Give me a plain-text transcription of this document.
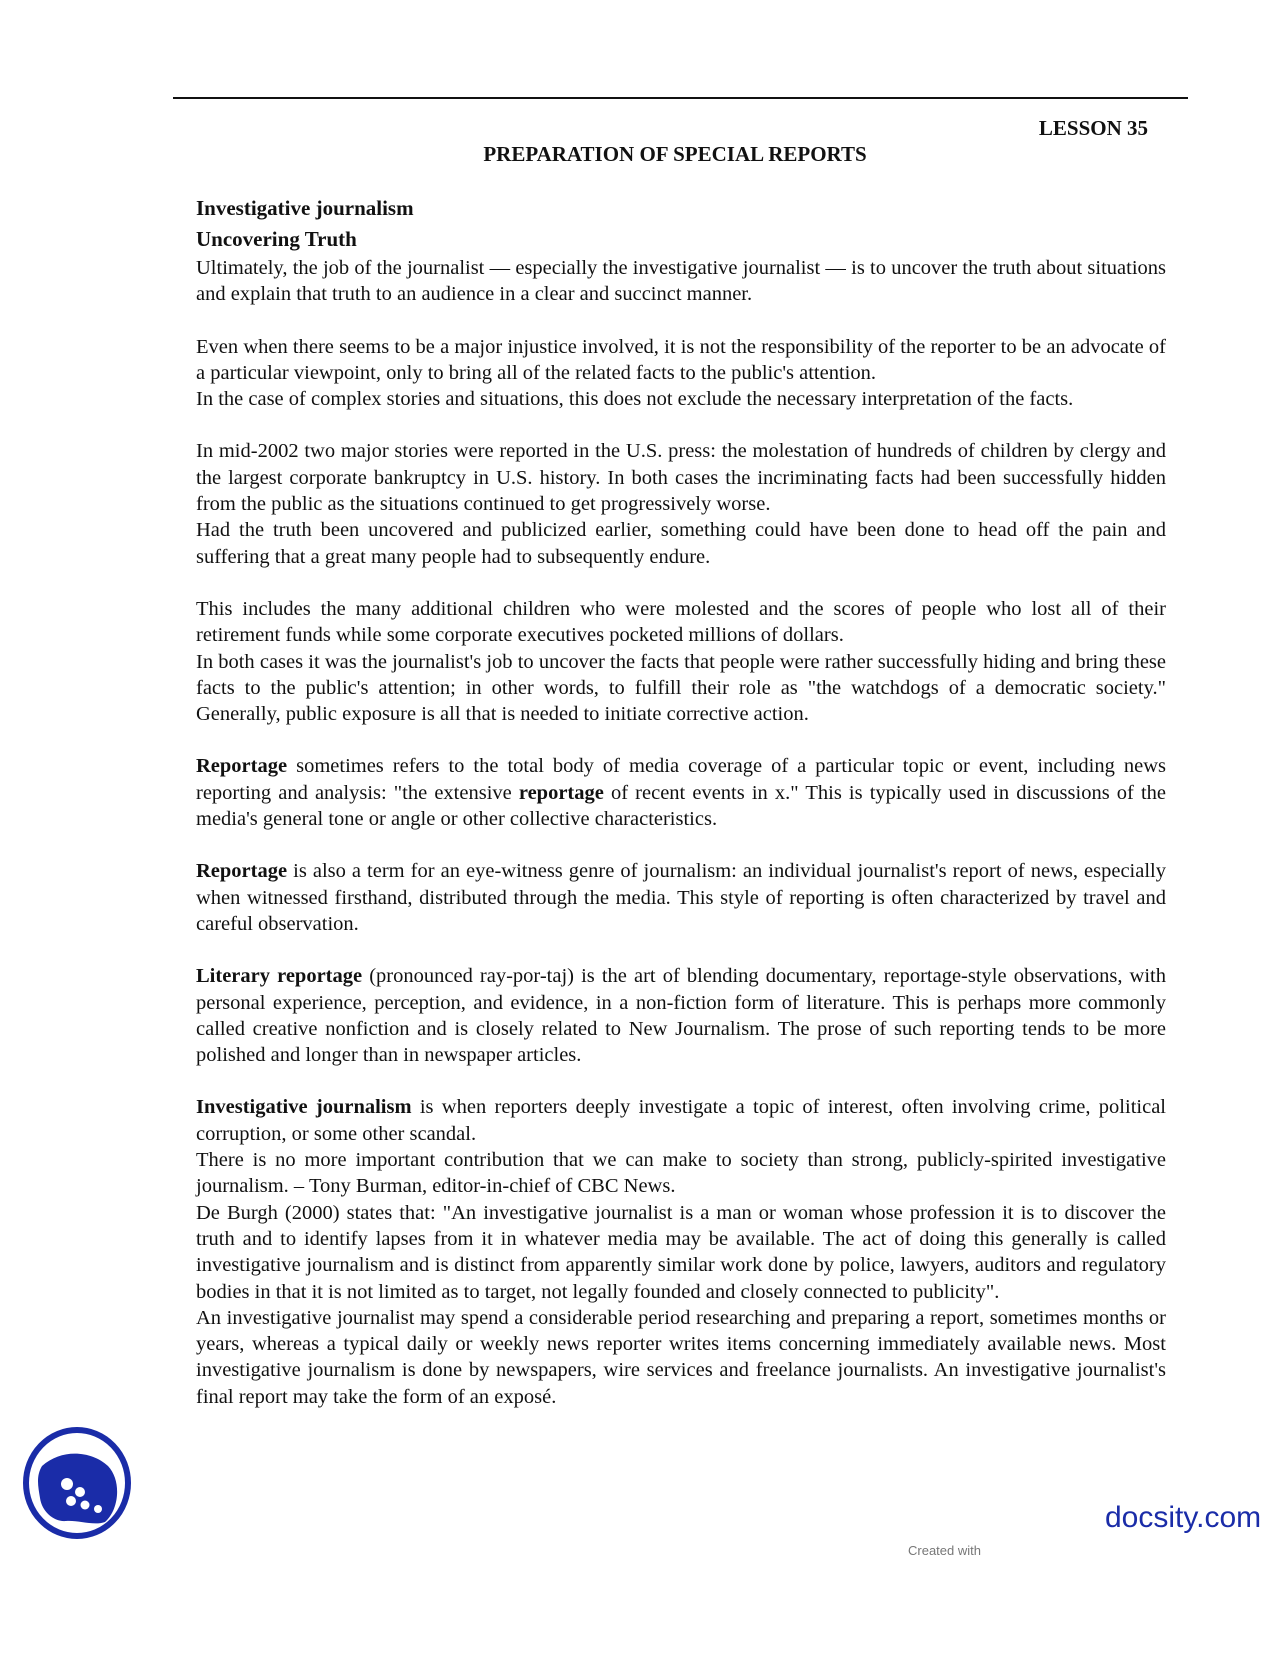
LESSON 35

PREPARATION OF SPECIAL REPORTS

Investigative journalism
Uncovering Truth

Ultimately, the job of the journalist — especially the investigative journalist — is to uncover the truth about situations and explain that truth to an audience in a clear and succinct manner.

Even when there seems to be a major injustice involved, it is not the responsibility of the reporter to be an advocate of a particular viewpoint, only to bring all of the related facts to the public's attention.

In the case of complex stories and situations, this does not exclude the necessary interpretation of the facts.

In mid-2002 two major stories were reported in the U.S. press: the molestation of hundreds of children by clergy and the largest corporate bankruptcy in U.S. history. In both cases the incriminating facts had been successfully hidden from the public as the situations continued to get progressively worse.

Had the truth been uncovered and publicized earlier, something could have been done to head off the pain and suffering that a great many people had to subsequently endure.

This includes the many additional children who were molested and the scores of people who lost all of their retirement funds while some corporate executives pocketed millions of dollars.

In both cases it was the journalist's job to uncover the facts that people were rather successfully hiding and bring these facts to the public's attention; in other words, to fulfill their role as "the watchdogs of a democratic society." Generally, public exposure is all that is needed to initiate corrective action.

Reportage sometimes refers to the total body of media coverage of a particular topic or event, including news reporting and analysis: "the extensive reportage of recent events in x." This is typically used in discussions of the media's general tone or angle or other collective characteristics.

Reportage is also a term for an eye-witness genre of journalism: an individual journalist's report of news, especially when witnessed firsthand, distributed through the media. This style of reporting is often characterized by travel and careful observation.

Literary reportage (pronounced ray-por-taj) is the art of blending documentary, reportage-style observations, with personal experience, perception, and evidence, in a non-fiction form of literature. This is perhaps more commonly called creative nonfiction and is closely related to New Journalism. The prose of such reporting tends to be more polished and longer than in newspaper articles.

Investigative journalism is when reporters deeply investigate a topic of interest, often involving crime, political corruption, or some other scandal.

There is no more important contribution that we can make to society than strong, publicly-spirited investigative journalism. – Tony Burman, editor-in-chief of CBC News.

De Burgh (2000) states that: "An investigative journalist is a man or woman whose profession it is to discover the truth and to identify lapses from it in whatever media may be available. The act of doing this generally is called investigative journalism and is distinct from apparently similar work done by police, lawyers, auditors and regulatory bodies in that it is not limited as to target, not legally founded and closely connected to publicity".

An investigative journalist may spend a considerable period researching and preparing a report, sometimes months or years, whereas a typical daily or weekly news reporter writes items concerning immediately available news. Most investigative journalism is done by newspapers, wire services and freelance journalists. An investigative journalist's final report may take the form of an exposé.

Created with
docsity.com
